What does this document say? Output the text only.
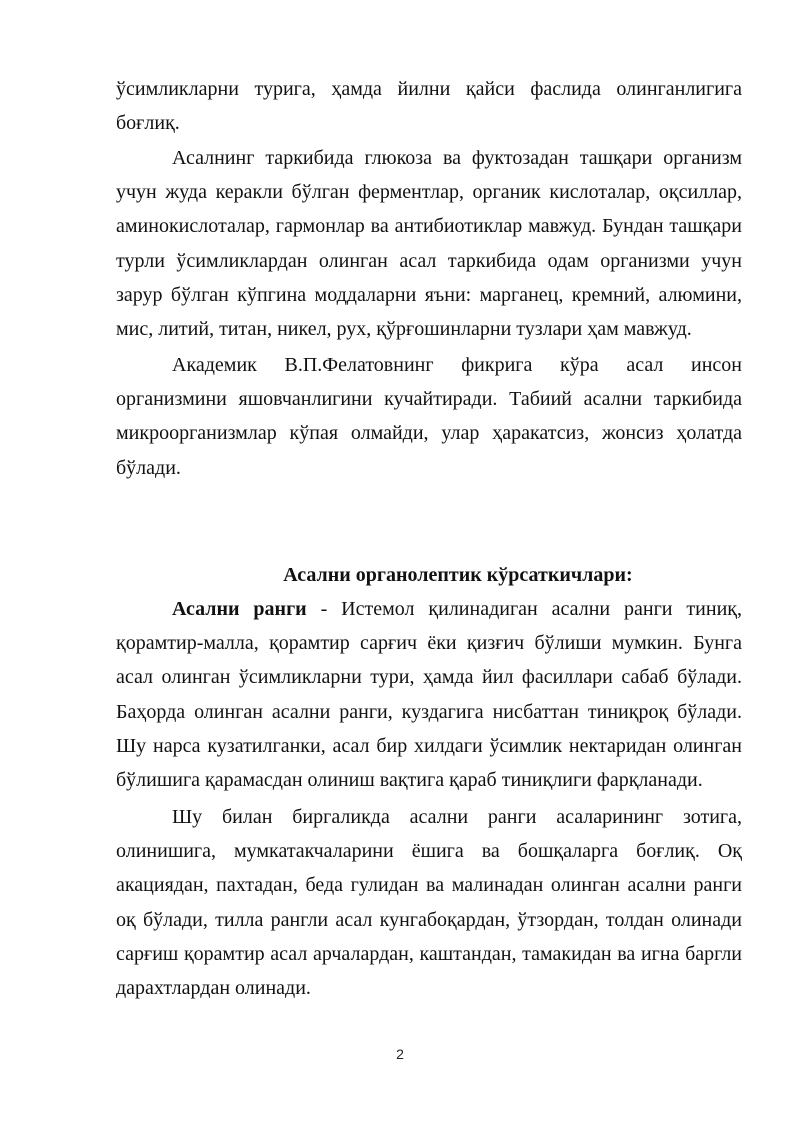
ўсимликларни туригa, ҳамда йилни қайси фаслида олинганлигига
боғлиқ.
Асалнинг таркибида глюкоза ва фуктозадан ташқари организм
учун жуда керакли бўлган ферментлар, органик кислоталар, оқсиллар,
аминокислоталар, гармонлар ва антибиотиклар мавжуд. Бундан ташқари
турли ўсимликлардан олинган асал таркибида одам организми учун
зарур бўлган кўпгина моддаларни яъни: марганец, кремний, алюмини,
мис, литий, титан, никел, рух, қўрғошинларни тузлари ҳам мавжуд.
Академик В.П.Фелатовнинг фикрига кўра асал инсон
организмини яшовчанлигини кучайтиради. Табиий асални таркибида
микроорганизмлар кўпая олмайди, улар ҳаракатсиз, жонсиз ҳолатда
бўлади.
Асални органолептик кўрсаткичлари:
Асални ранги - Истемол қилинадиган асални ранги тиниқ,
қорамтир-малла, қорамтир сарғич ёки қизғич бўлиши мумкин. Бунга
асал олинган ўсимликларни тури, ҳамда йил фасиллари сабаб бўлади.
Баҳорда олинган асални ранги, куздагига нисбаттан тиниқроқ бўлади.
Шу нарса кузатилганки, асал бир хилдаги ўсимлик нектаридан олинган
бўлишига қарамасдан олиниш вақтига қараб тиниқлиги фарқланади.
Шу билан биргаликда асални ранги асаларининг зотига,
олинишига, мумкатакчаларини ёшига ва бошқаларга боғлиқ. Оқ
акациядан, пахтадан, беда гулидан ва малинадан олинган асални ранги
оқ бўлади, тилла рангли асал кунгабоқардан, ўтзордан, толдан олинади
сарғиш қорамтир асал арчалардан, каштандан, тамакидан ва игна баргли
дарахтлардан олинади.
2
